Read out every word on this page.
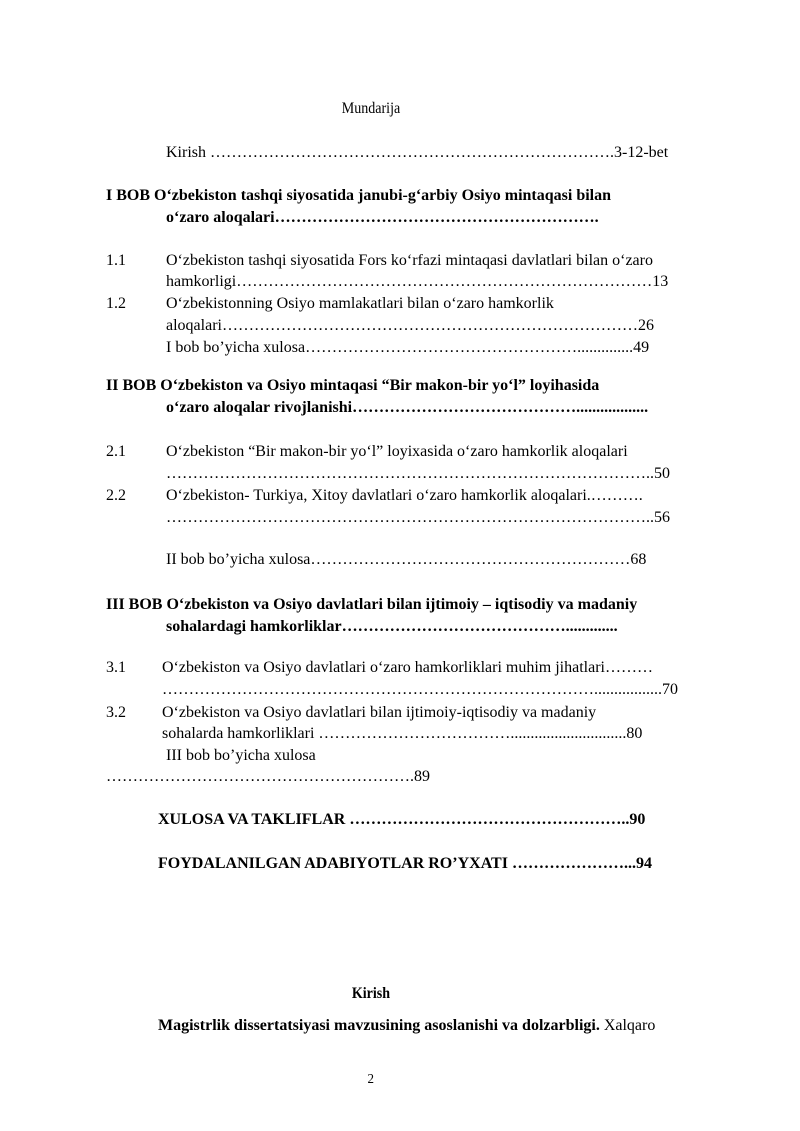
Mundarija
Kirish ………………………………………………………………….3-12-bet
I BOB O‘zbekiston tashqi siyosatida janubi-g‘arbiy Osiyo mintaqasi bilan
o‘zaro aloqalari…………………………………………………….
1.1	O‘zbekiston tashqi siyosatida Fors ko‘rfazi mintaqasi davlatlari bilan o‘zaro
hamkorligi……………………………………………………………………13
1.2	O‘zbekistonning Osiyo mamlakatlari bilan o‘zaro hamkorlik
aloqalari……………………………………………………………………26
I bob bo’yicha xulosa……………………………………………..............49
II BOB O‘zbekiston va Osiyo mintaqasi “Bir makon-bir yo‘l” loyihasida
o‘zaro aloqalar rivojlanishi……………………………………..................
2.1	O‘zbekiston “Bir makon-bir yo‘l” loyixasida o‘zaro hamkorlik aloqalari
………………………………………………………………………………..50
2.2	O‘zbekiston- Turkiya, Xitoy davlatlari o‘zaro hamkorlik aloqalari.……….
………………………………………………………………………………..56
II bob bo’yicha xulosa……………………………………………………68
III BOB O‘zbekiston va Osiyo davlatlari bilan ijtimoiy – iqtisodiy va madaniy
sohalardagi hamkorliklar…………………………………….............
3.1 O‘zbekiston va Osiyo davlatlari o‘zaro hamkorliklari muhim jihatlari………
……………………………………………………………………….................70
3.2 O‘zbekiston va Osiyo davlatlari bilan ijtimoiy-iqtisodiy va madaniy
sohalarda hamkorliklari ……………………………….............................80
III bob bo’yicha xulosa
………………………………………………….89
XULOSA VA TAKLIFLAR ……………………………………………..90
FOYDALANILGAN ADABIYOTLAR RO’YXATI …………………...94
Kirish
Magistrlik dissertatsiyasi mavzusining asoslanishi va dolzarbligi. Xalqaro
2
